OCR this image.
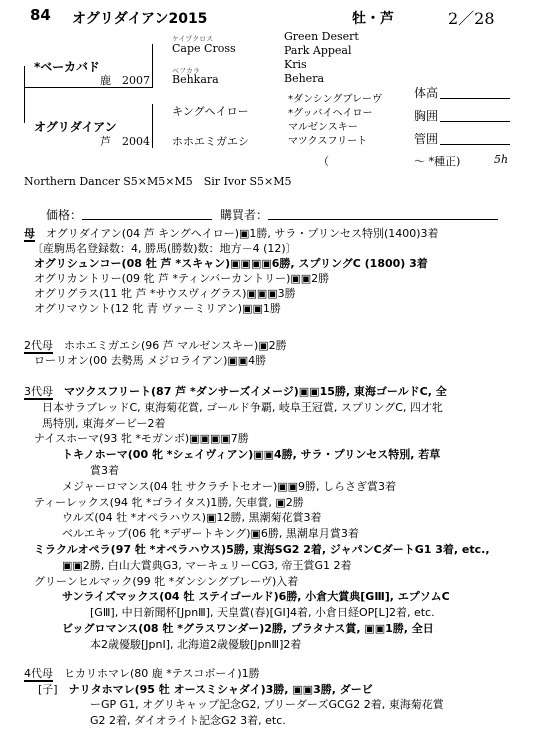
84 オグリダイアン2015	牡・芦	2／28
*ベーカバド
鹿　2007
オグリダイアン
芦　2004
ケイプクロス
Cape Cross
ベフカラ
Behkara
キングヘイロー
ホホエミガエシ
Green Desert
Park Appeal
Kris
Behera
*ダンシングブレーヴ
*グッバイヘイロー
マルゼンスキー
マツクスフリート
（
体高
胸囲
管囲
〜 *種正)	5h
Northern Dancer S5×M5×M5　Sir Ivor S5×M5
価格：	購買者：
母　 オグリダイアン(04 芦 キングヘイロー)▣1勝, サラ・プリンセス特別(1400)3着
〔産駒馬名登録数：4, 勝馬(勝数)数：地方－4 (12)〕
オグリシュンコー(08 牡 芦 *スキャン)▣▣▣▣6勝, スプリングC (1800) 3着
オグリカントリー(09 牝 芦 *ティンバーカントリー)▣▣2勝
オグリグラス(11 牝 芦 *サウスヴィグラス)▣▣▣3勝
オグリマウント(12 牝 青 ヴァーミリアン)▣▣1勝
2代母　 ホホエミガエシ(96 芦 マルゼンスキー)▣2勝
ローリオン(00 去勢馬 メジロライアン)▣▣4勝
3代母　 マツクスフリート(87 芦 *ダンサーズイメージ)▣▣15勝, 東海ゴールドC, 全
日本サラブレッドC, 東海菊花賞, ゴールド争覇, 岐阜王冠賞, スプリングC, 四才牝
馬特別, 東海ダービー2着
ナイスホーマ(93 牝 *モガンボ)▣▣▣▣7勝
トキノホーマ(00 牝 *シェイヴィアン)▣▣4勝, サラ・プリンセス特別, 若草
賞3着
メジャーロマンス(04 牡 サクラチトセオー)▣▣9勝, しらさぎ賞3着
ティーレックス(94 牝 *ゴライタス)1勝, 矢車賞, ▣2勝
ウルズ(04 牡 *オペラハウス)▣12勝, 黒潮菊花賞3着
ベルエキップ(06 牝 *デザートキング)▣6勝, 黒潮皐月賞3着
ミラクルオペラ(97 牡 *オペラハウス)5勝, 東海SG2 2着, ジャパンCダートG1 3着, etc.,
▣▣2勝, 白山大賞典G3, マーキュリーCG3, 帝王賞G1 2着
グリーンヒルマック(99 牝 *ダンシングブレーヴ)入着
サンライズマックス(04 牡 ステイゴールド)6勝, 小倉大賞典[GⅢ], エプソムC
[GⅢ], 中日新聞杯[JpnⅢ], 天皇賞(春)[GⅠ]4着, 小倉日経OP[L]2着, etc.
ビッグロマンス(08 牡 *グラスワンダー)2勝, プラタナス賞, ▣▣1勝, 全日
本2歳優駿[JpnⅠ], 北海道2歳優駿[JpnⅢ]2着
4代母　 ヒカリホマレ(80 鹿 *テスコボーイ)1勝
[子]　 ナリタホマレ(95 牡 オースミシャダイ)3勝, ▣▣3勝, ダービ
ーGP G1, オグリキャップ記念G2, ブリーダーズGCG2 2着, 東海菊花賞
G2 2着, ダイオライト記念G2 3着, etc.
